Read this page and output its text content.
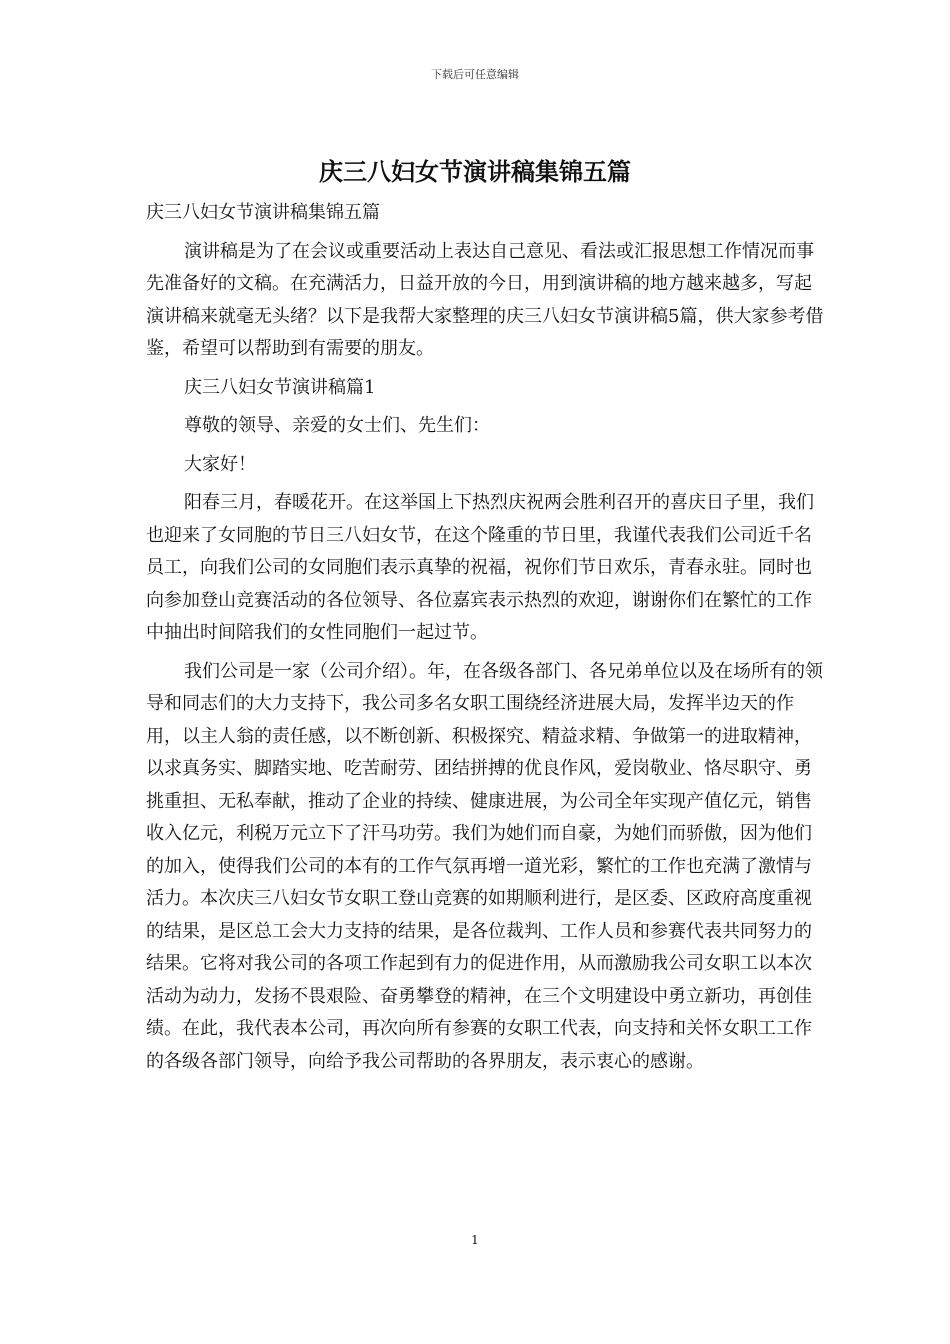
下载后可任意编辑
庆三八妇女节演讲稿集锦五篇

庆三八妇女节演讲稿集锦五篇

演讲稿是为了在会议或重要活动上表达自己意见、看法或汇报思想工作情况而事先准备好的文稿。在充满活力，日益开放的今日，用到演讲稿的地方越来越多，写起演讲稿来就毫无头绪？以下是我帮大家整理的庆三八妇女节演讲稿5篇，供大家参考借鉴，希望可以帮助到有需要的朋友。

庆三八妇女节演讲稿篇1

尊敬的领导、亲爱的女士们、先生们：

大家好！

阳春三月，春暖花开。在这举国上下热烈庆祝两会胜利召开的喜庆日子里，我们也迎来了女同胞的节日三八妇女节，在这个隆重的节日里，我谨代表我们公司近千名员工，向我们公司的女同胞们表示真挚的祝福，祝你们节日欢乐，青春永驻。同时也向参加登山竞赛活动的各位领导、各位嘉宾表示热烈的欢迎，谢谢你们在繁忙的工作中抽出时间陪我们的女性同胞们一起过节。

我们公司是一家（公司介绍）。年，在各级各部门、各兄弟单位以及在场所有的领导和同志们的大力支持下，我公司多名女职工围绕经济进展大局，发挥半边天的作用，以主人翁的责任感，以不断创新、积极探究、精益求精、争做第一的进取精神，以求真务实、脚踏实地、吃苦耐劳、团结拼搏的优良作风，爱岗敬业、恪尽职守、勇挑重担、无私奉献，推动了企业的持续、健康进展，为公司全年实现产值亿元，销售收入亿元，利税万元立下了汗马功劳。我们为她们而自豪，为她们而骄傲，因为他们的加入，使得我们公司的本有的工作气氛再增一道光彩，繁忙的工作也充满了激情与活力。本次庆三八妇女节女职工登山竞赛的如期顺利进行，是区委、区政府高度重视的结果，是区总工会大力支持的结果，是各位裁判、工作人员和参赛代表共同努力的结果。它将对我公司的各项工作起到有力的促进作用，从而激励我公司女职工以本次活动为动力，发扬不畏艰险、奋勇攀登的精神，在三个文明建设中勇立新功，再创佳绩。在此，我代表本公司，再次向所有参赛的女职工代表，向支持和关怀女职工工作的各级各部门领导，向给予我公司帮助的各界朋友，表示衷心的感谢。

1
